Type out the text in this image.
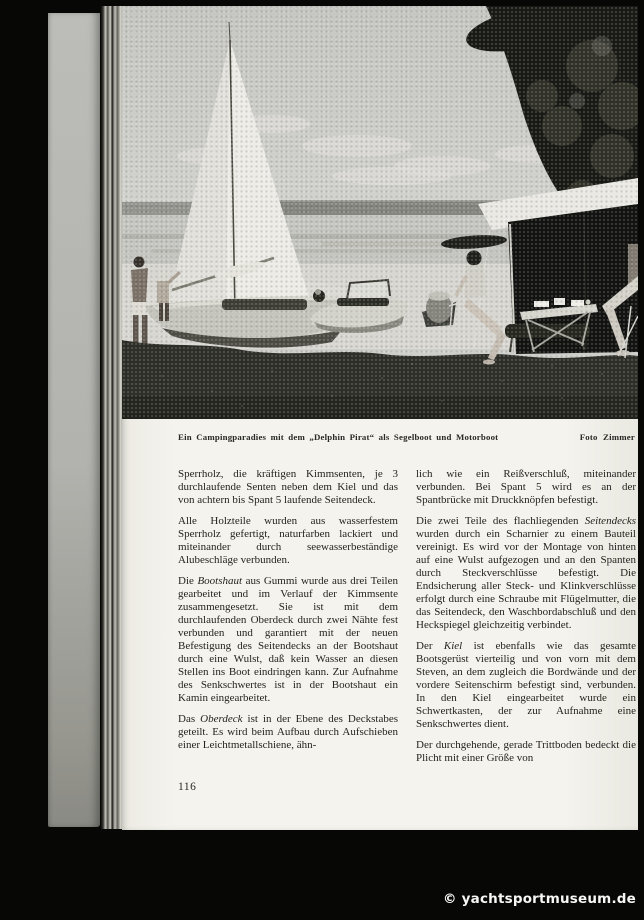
Ein Campingparadies mit dem „Delphin Pirat“ als Segelboot und Motorboot	Foto Zimmer

Sperrholz, die kräftigen Kimmsenten, je 3 durchlaufende Senten neben dem Kiel und das von achtern bis Spant 5 laufende Seitendeck.

Alle Holzteile wurden aus wasserfestem Sperrholz gefertigt, naturfarben lackiert und miteinander durch seewasserbeständige Alubeschläge verbunden.

Die Bootshaut aus Gummi wurde aus drei Teilen gearbeitet und im Verlauf der Kimmsente zusammengesetzt. Sie ist mit dem durchlaufenden Oberdeck durch zwei Nähte fest verbunden und garantiert mit der neuen Befestigung des Seitendecks an der Bootshaut durch eine Wulst, daß kein Wasser an diesen Stellen ins Boot eindringen kann. Zur Aufnahme des Senkschwertes ist in der Bootshaut ein Kamin eingearbeitet.

Das Oberdeck ist in der Ebene des Deckstabes geteilt. Es wird beim Aufbau durch Aufschieben einer Leichtmetallschiene, ähn-

lich wie ein Reißverschluß, miteinander verbunden. Bei Spant 5 wird es an der Spantbrücke mit Druckknöpfen befestigt.

Die zwei Teile des flachliegenden Seitendecks wurden durch ein Scharnier zu einem Bauteil vereinigt. Es wird vor der Montage von hinten auf eine Wulst aufgezogen und an den Spanten durch Steckverschlüsse befestigt. Die Endsicherung aller Steck- und Klinkverschlüsse erfolgt durch eine Schraube mit Flügelmutter, die das Seitendeck, den Waschbordabschluß und den Heckspiegel gleichzeitig verbindet.

Der Kiel ist ebenfalls wie das gesamte Bootsgerüst vierteilig und von vorn mit dem Steven, an dem zugleich die Bordwände und der vordere Seitenschirm befestigt sind, verbunden. In den Kiel eingearbeitet wurde ein Schwertkasten, der zur Aufnahme eine Senkschwertes dient.

Der durchgehende, gerade Trittboden bedeckt die Plicht mit einer Größe von

116
© yachtsportmuseum.de
